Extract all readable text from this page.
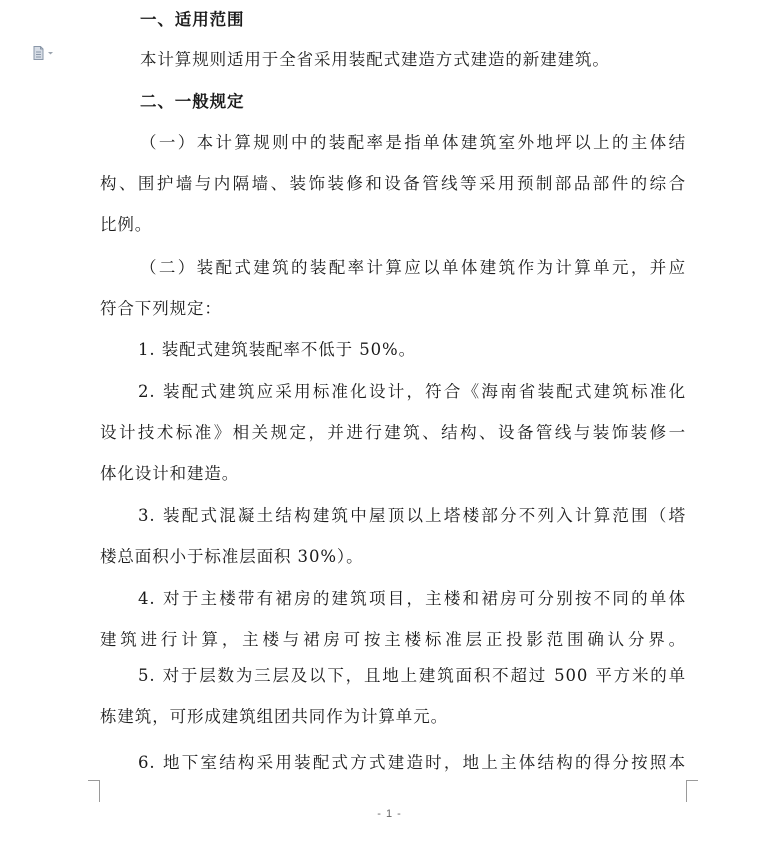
一、适用范围
本计算规则适用于全省采用装配式建造方式建造的新建建筑。
二、一般规定
（一）本计算规则中的装配率是指单体建筑室外地坪以上的主体结
构、围护墙与内隔墙、装饰装修和设备管线等采用预制部品部件的综合
比例。
（二）装配式建筑的装配率计算应以单体建筑作为计算单元，并应
符合下列规定：
1. 装配式建筑装配率不低于 50%。
2. 装配式建筑应采用标准化设计，符合《海南省装配式建筑标准化
设计技术标准》相关规定，并进行建筑、结构、设备管线与装饰装修一
体化设计和建造。
3. 装配式混凝土结构建筑中屋顶以上塔楼部分不列入计算范围（塔
楼总面积小于标准层面积 30%）。
4. 对于主楼带有裙房的建筑项目，主楼和裙房可分别按不同的单体
建筑进行计算，主楼与裙房可按主楼标准层正投影范围确认分界。
5. 对于层数为三层及以下，且地上建筑面积不超过 500 平方米的单
栋建筑，可形成建筑组团共同作为计算单元。
6. 地下室结构采用装配式方式建造时，地上主体结构的得分按照本
- 1 -
